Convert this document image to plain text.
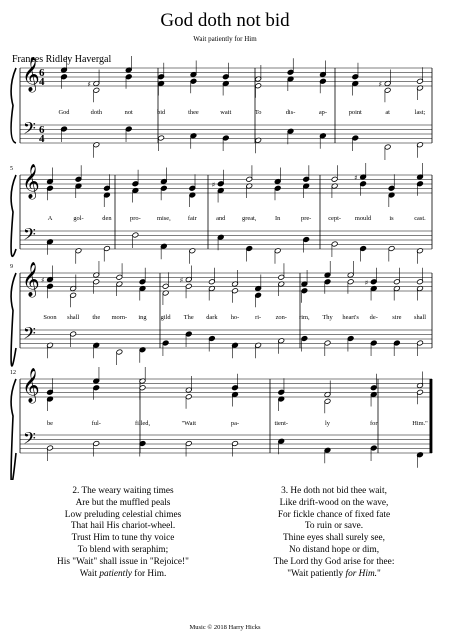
God doth not bid
Wait patiently for Him
Frances Ridley Havergal
𝄞
𝄢
6
4
6
4
God	doth
♯
not	bid	thee	wait	To	dis-	ap-	point	at
♯
last;
𝄞
𝄢
5
A	gol-	den	pro-	mise,	fair	and
♯
great,	In	pre-	cept- mould
♯
is	cast.
𝄞
𝄢
9
Soon
♯
shall the morn- ing gild The
♯
dark ho- ri- zon- rim, Thy heart's de-
♯
sire shall
𝄞
𝄢
12
be	ful-	filled,	"Wait	pa-	tient-	ly	for	Him."
2. The weary waiting times
Are but the muffled peals
Low preluding celestial chimes
That hail His chariot-wheel.
Trust Him to tune thy voice
To blend with seraphim;
His "Wait" shall issue in "Rejoice!"
Wait patiently for Him.
3. He doth not bid thee wait,
Like drift-wood on the wave,
For fickle chance of fixed fate
To ruin or save.
Thine eyes shall surely see,
No distand hope or dim,
The Lord thy God arise for thee:
"Wait patiently for Him."
Music © 2018 Harry Hicks
